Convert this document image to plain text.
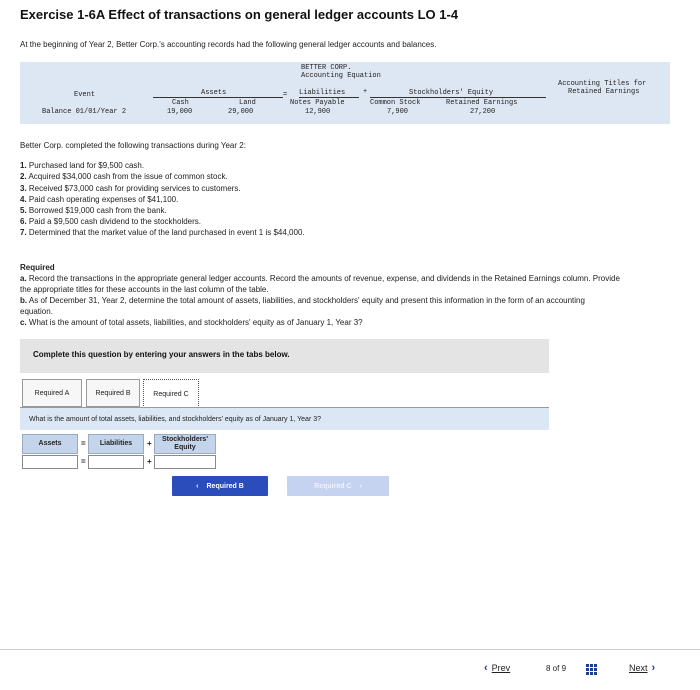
Exercise 1-6A Effect of transactions on general ledger accounts LO 1-4
At the beginning of Year 2, Better Corp.'s accounting records had the following general ledger accounts and balances.
BETTER CORP.
Accounting Equation
Event	Assets	= Liabilities	+	Stockholders' Equity
Accounting Titles for
Retained Earnings
Cash	Land	Notes Payable	Common Stock	Retained Earnings
Balance 01/01/Year 2	19,000	29,000	12,900	7,900	27,200
Better Corp. completed the following transactions during Year 2:
1. Purchased land for $9,500 cash.
2. Acquired $34,000 cash from the issue of common stock.
3. Received $73,000 cash for providing services to customers.
4. Paid cash operating expenses of $41,100.
5. Borrowed $19,000 cash from the bank.
6. Paid a $9,500 cash dividend to the stockholders.
7. Determined that the market value of the land purchased in event 1 is $44,000.
Required
a. Record the transactions in the appropriate general ledger accounts. Record the amounts of revenue, expense, and dividends in the Retained Earnings column. Provide the appropriate titles for these accounts in the last column of the table.
b. As of December 31, Year 2, determine the total amount of assets, liabilities, and stockholders' equity and present this information in the form of an accounting equation.
c. What is the amount of total assets, liabilities, and stockholders' equity as of January 1, Year 3?
Complete this question by entering your answers in the tabs below.
Required A	Required B	Required C
What is the amount of total assets, liabilities, and stockholders' equity as of January 1, Year 3?
Assets	=	Liabilities	+	Stockholders' Equity
=	+
‹ Required B	Required C ›
‹ Prev	8 of 9	Next ›
